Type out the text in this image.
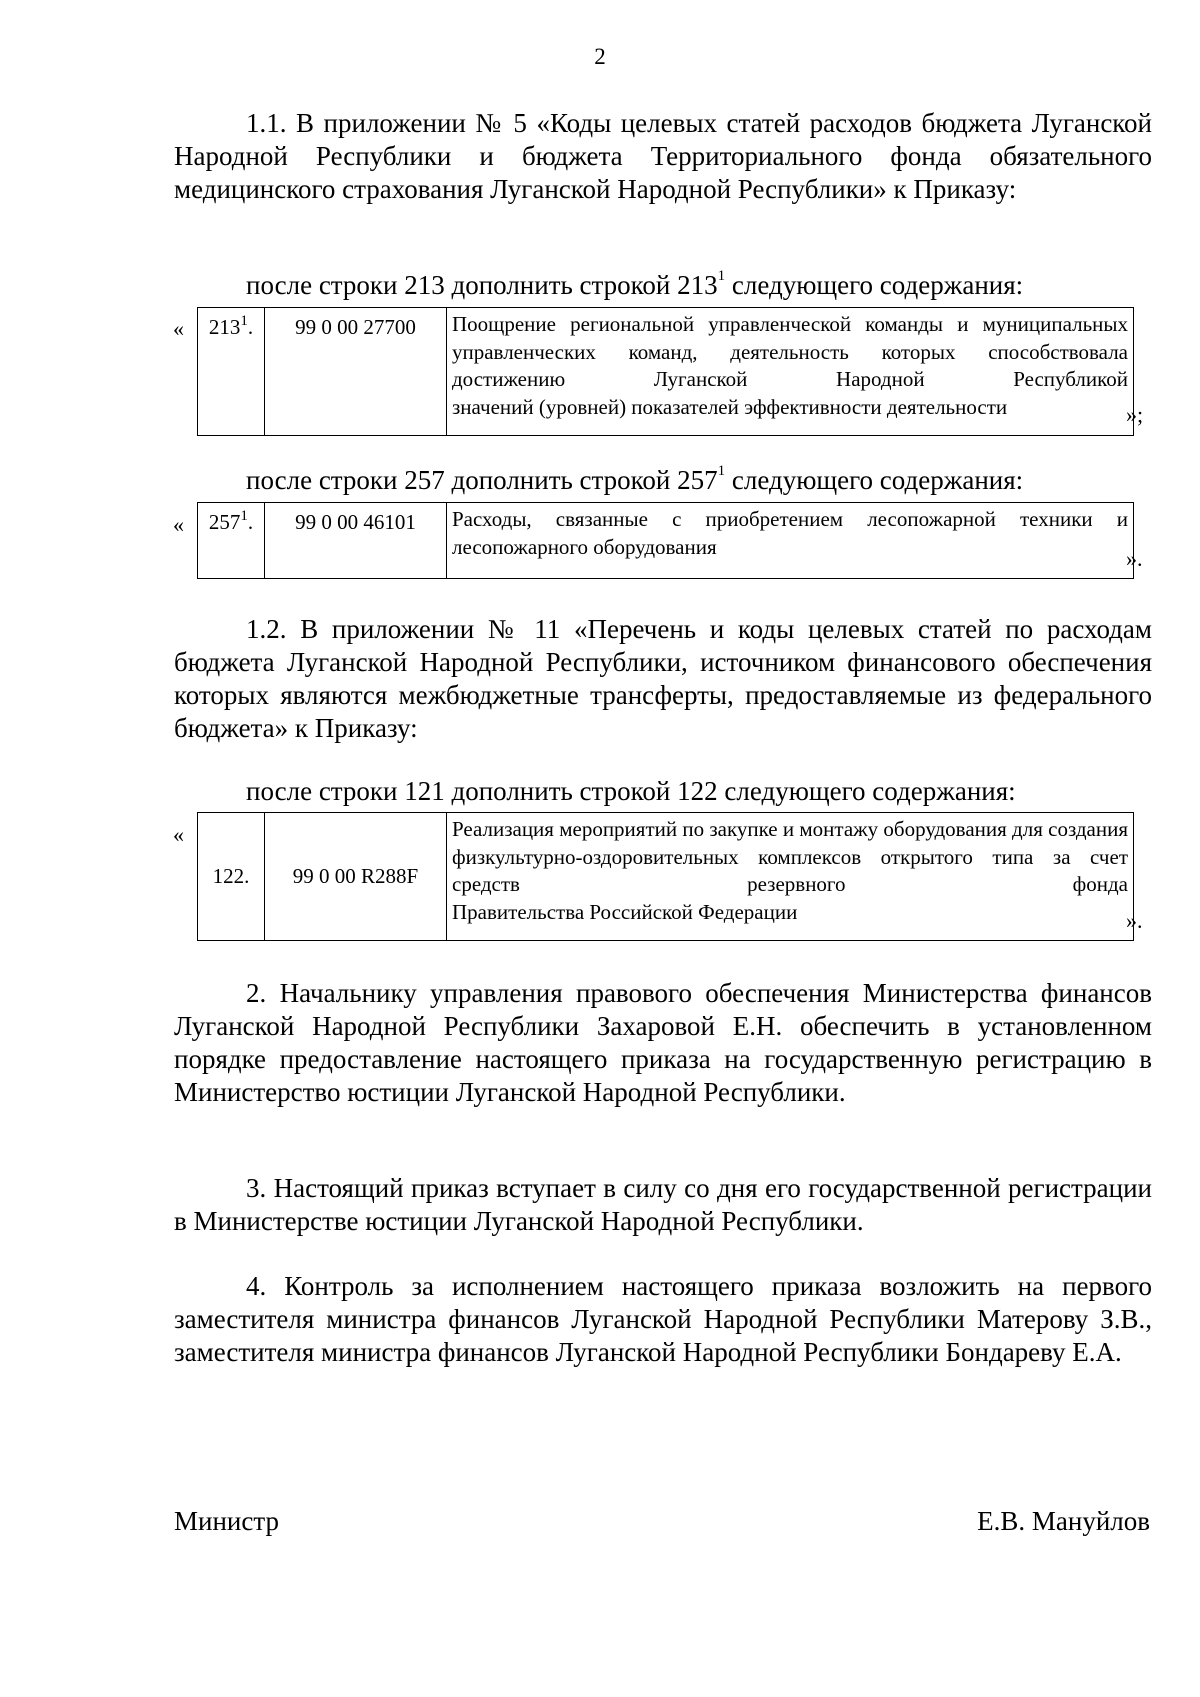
2
1.1. В приложении № 5 «Коды целевых статей расходов бюджета Луганской Народной Республики и бюджета Территориального фонда обязательного медицинского страхования Луганской Народной Республики» к Приказу:
после строки 213 дополнить строкой $213^1$ следующего содержания:
«	$213^1$.	99 0 00 27700	Поощрение региональной управленческой команды и муниципальных управленческих команд, деятельность которых способствовала достижению Луганской Народной Республикой
значений (уровней) показателей эффективности деятельности	»;
после строки 257 дополнить строкой $257^1$ следующего содержания:
«	$257^1$.	99 0 00 46101	Расходы, связанные с приобретением лесопожарной техники и
лесопожарного оборудования	».
1.2. В приложении № 11 «Перечень и коды целевых статей по расходам бюджета Луганской Народной Республики, источником финансового обеспечения которых являются межбюджетные трансферты, предоставляемые из федерального бюджета» к Приказу:
после строки 121 дополнить строкой 122 следующего содержания:
«
122.	99 0 00 R288F	Реализация мероприятий по закупке и монтажу оборудования для создания физкультурно-оздоровительных комплексов открытого типа за счет средств резервного фонда
Правительства Российской Федерации	».
2. Начальнику управления правового обеспечения Министерства финансов Луганской Народной Республики Захаровой Е.Н. обеспечить в установленном порядке предоставление настоящего приказа на государственную регистрацию в Министерство юстиции Луганской Народной Республики.
3. Настоящий приказ вступает в силу со дня его государственной регистрации в Министерстве юстиции Луганской Народной Республики.
4. Контроль за исполнением настоящего приказа возложить на первого заместителя министра финансов Луганской Народной Республики Матерову З.В., заместителя министра финансов Луганской Народной Республики Бондареву Е.А.
Министр	Е.В. Мануйлов
